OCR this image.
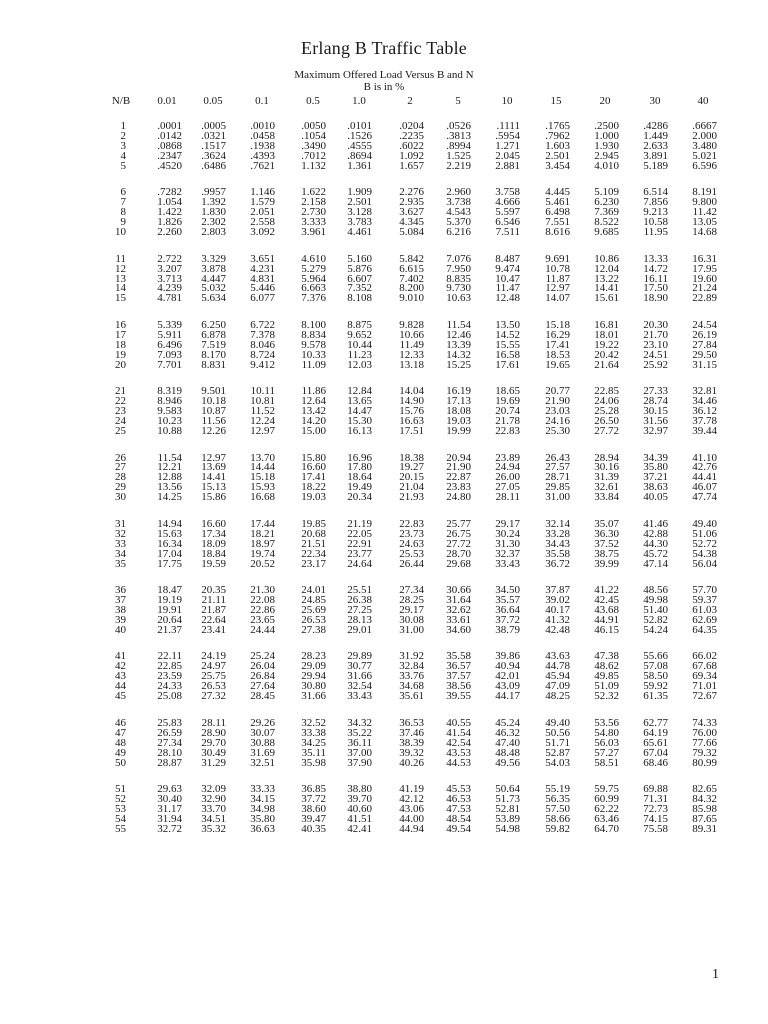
Erlang B Traffic Table
Maximum Offered Load Versus B and N
B is in %
N/B 0.01 0.05	0.1	0.5	1.0	2	5	10	15	20	30	40
1	.0001	.0005	.0010	.0050	.0101	.0204	.0526	.1111	.1765	.2500	.4286	.6667
2	.0142	.0321	.0458	.1054	.1526	.2235	.3813	.5954	.7962	1.000	1.449	2.000
3	.0868	.1517	.1938	.3490	.4555	.6022	.8994	1.271	1.603	1.930	2.633	3.480
4	.2347	.3624	.4393	.7012	.8694	1.092	1.525	2.045	2.501	2.945	3.891	5.021
5	.4520	.6486	.7621	1.132	1.361	1.657	2.219	2.881	3.454	4.010	5.189	6.596
6	.7282	.9957	1.146	1.622	1.909	2.276	2.960	3.758	4.445	5.109	6.514	8.191
7	1.054	1.392	1.579	2.158	2.501	2.935	3.738	4.666	5.461	6.230	7.856	9.800
8	1.422	1.830	2.051	2.730	3.128	3.627	4.543	5.597	6.498	7.369	9.213	11.42
9	1.826	2.302	2.558	3.333	3.783	4.345	5.370	6.546	7.551	8.522	10.58	13.05
10	2.260	2.803	3.092	3.961	4.461	5.084	6.216	7.511	8.616	9.685	11.95	14.68
11	2.722	3.329	3.651	4.610	5.160	5.842	7.076	8.487	9.691	10.86	13.33	16.31
12	3.207	3.878	4.231	5.279	5.876	6.615	7.950	9.474	10.78	12.04	14.72	17.95
13	3.713	4.447	4.831	5.964	6.607	7.402	8.835	10.47	11.87	13.22	16.11	19.60
14	4.239	5.032	5.446	6.663	7.352	8.200	9.730	11.47	12.97	14.41	17.50	21.24
15	4.781	5.634	6.077	7.376	8.108	9.010	10.63	12.48	14.07	15.61	18.90	22.89
16	5.339	6.250	6.722	8.100	8.875	9.828	11.54	13.50	15.18	16.81	20.30	24.54
17	5.911	6.878	7.378	8.834	9.652	10.66	12.46	14.52	16.29	18.01	21.70	26.19
18	6.496	7.519	8.046	9.578	10.44	11.49	13.39	15.55	17.41	19.22	23.10	27.84
19	7.093	8.170	8.724	10.33	11.23	12.33	14.32	16.58	18.53	20.42	24.51	29.50
20	7.701	8.831	9.412	11.09	12.03	13.18	15.25	17.61	19.65	21.64	25.92	31.15
21	8.319	9.501	10.11	11.86	12.84	14.04	16.19	18.65	20.77	22.85	27.33	32.81
22	8.946	10.18	10.81	12.64	13.65	14.90	17.13	19.69	21.90	24.06	28.74	34.46
23	9.583	10.87	11.52	13.42	14.47	15.76	18.08	20.74	23.03	25.28	30.15	36.12
24	10.23	11.56	12.24	14.20	15.30	16.63	19.03	21.78	24.16	26.50	31.56	37.78
25	10.88	12.26	12.97	15.00	16.13	17.51	19.99	22.83	25.30	27.72	32.97	39.44
26	11.54	12.97	13.70	15.80	16.96	18.38	20.94	23.89	26.43	28.94	34.39	41.10
27	12.21	13.69	14.44	16.60	17.80	19.27	21.90	24.94	27.57	30.16	35.80	42.76
28	12.88	14.41	15.18	17.41	18.64	20.15	22.87	26.00	28.71	31.39	37.21	44.41
29	13.56	15.13	15.93	18.22	19.49	21.04	23.83	27.05	29.85	32.61	38.63	46.07
30	14.25	15.86	16.68	19.03	20.34	21.93	24.80	28.11	31.00	33.84	40.05	47.74
31	14.94	16.60	17.44	19.85	21.19	22.83	25.77	29.17	32.14	35.07	41.46	49.40
32	15.63	17.34	18.21	20.68	22.05	23.73	26.75	30.24	33.28	36.30	42.88	51.06
33	16.34	18.09	18.97	21.51	22.91	24.63	27.72	31.30	34.43	37.52	44.30	52.72
34	17.04	18.84	19.74	22.34	23.77	25.53	28.70	32.37	35.58	38.75	45.72	54.38
35	17.75	19.59	20.52	23.17	24.64	26.44	29.68	33.43	36.72	39.99	47.14	56.04
36	18.47	20.35	21.30	24.01	25.51	27.34	30.66	34.50	37.87	41.22	48.56	57.70
37	19.19	21.11	22.08	24.85	26.38	28.25	31.64	35.57	39.02	42.45	49.98	59.37
38	19.91	21.87	22.86	25.69	27.25	29.17	32.62	36.64	40.17	43.68	51.40	61.03
39	20.64	22.64	23.65	26.53	28.13	30.08	33.61	37.72	41.32	44.91	52.82	62.69
40	21.37	23.41	24.44	27.38	29.01	31.00	34.60	38.79	42.48	46.15	54.24	64.35
41	22.11	24.19	25.24	28.23	29.89	31.92	35.58	39.86	43.63	47.38	55.66	66.02
42	22.85	24.97	26.04	29.09	30.77	32.84	36.57	40.94	44.78	48.62	57.08	67.68
43	23.59	25.75	26.84	29.94	31.66	33.76	37.57	42.01	45.94	49.85	58.50	69.34
44	24.33	26.53	27.64	30.80	32.54	34.68	38.56	43.09	47.09	51.09	59.92	71.01
45	25.08	27.32	28.45	31.66	33.43	35.61	39.55	44.17	48.25	52.32	61.35	72.67
46	25.83	28.11	29.26	32.52	34.32	36.53	40.55	45.24	49.40	53.56	62.77	74.33
47	26.59	28.90	30.07	33.38	35.22	37.46	41.54	46.32	50.56	54.80	64.19	76.00
48	27.34	29.70	30.88	34.25	36.11	38.39	42.54	47.40	51.71	56.03	65.61	77.66
49	28.10	30.49	31.69	35.11	37.00	39.32	43.53	48.48	52.87	57.27	67.04	79.32
50	28.87	31.29	32.51	35.98	37.90	40.26	44.53	49.56	54.03	58.51	68.46	80.99
51	29.63	32.09	33.33	36.85	38.80	41.19	45.53	50.64	55.19	59.75	69.88	82.65
52	30.40	32.90	34.15	37.72	39.70	42.12	46.53	51.73	56.35	60.99	71.31	84.32
53	31.17	33.70	34.98	38.60	40.60	43.06	47.53	52.81	57.50	62.22	72.73	85.98
54	31.94	34.51	35.80	39.47	41.51	44.00	48.54	53.89	58.66	63.46	74.15	87.65
55	32.72	35.32	36.63	40.35	42.41	44.94	49.54	54.98	59.82	64.70	75.58	89.31
1
